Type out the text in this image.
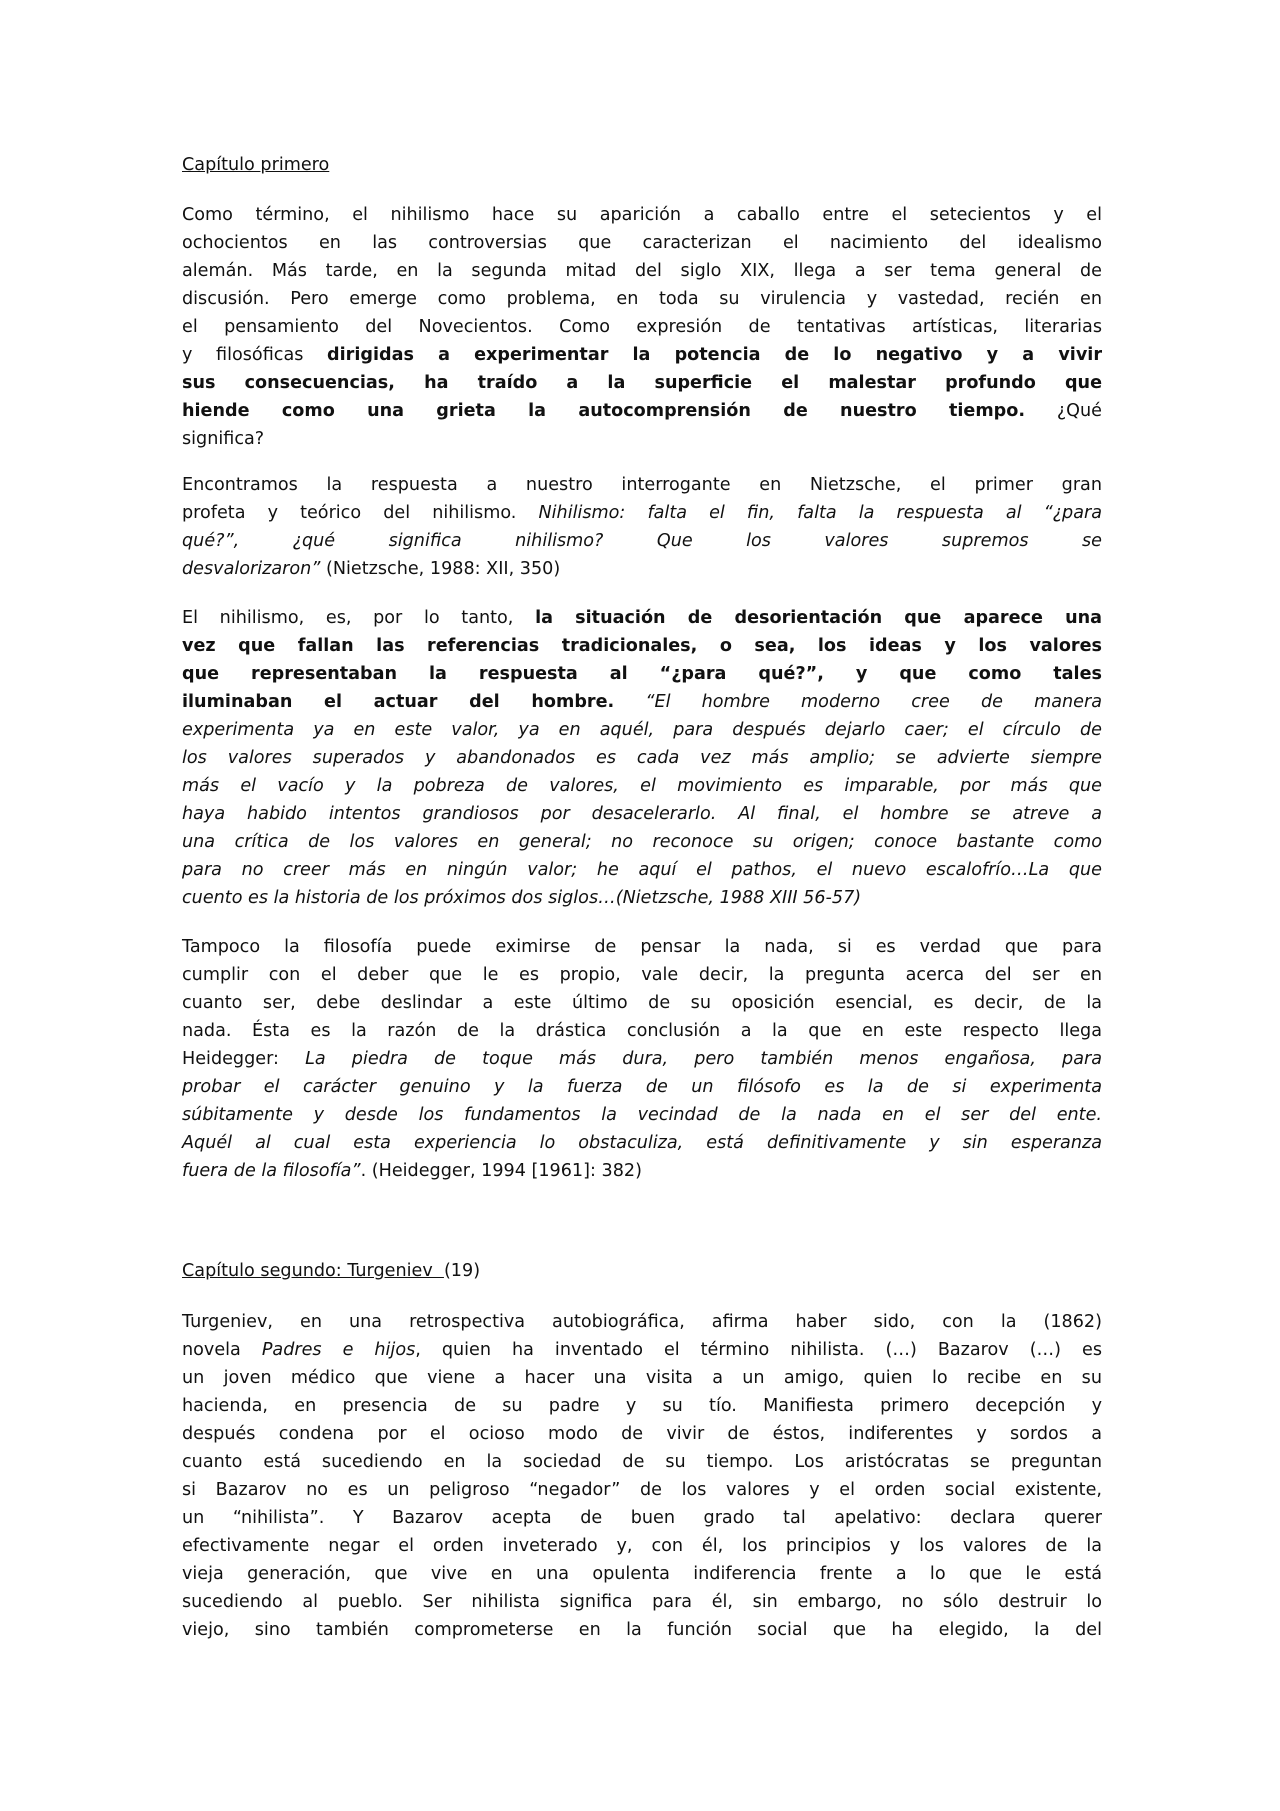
Capítulo primero
Como término, el nihilismo hace su aparición a caballo entre el setecientos y el
ochocientos en las controversias que caracterizan el nacimiento del idealismo
alemán. Más tarde, en la segunda mitad del siglo XIX, llega a ser tema general de
discusión. Pero emerge como problema, en toda su virulencia y vastedad, recién en
el pensamiento del Novecientos. Como expresión de tentativas artísticas, literarias
y filosóficas dirigidas a experimentar la potencia de lo negativo y a vivir
sus consecuencias, ha traído a la superficie el malestar profundo que
hiende como una grieta la autocomprensión de nuestro tiempo. ¿Qué
significa?
Encontramos la respuesta a nuestro interrogante en Nietzsche, el primer gran
profeta y teórico del nihilismo. Nihilismo: falta el fin, falta la respuesta al “¿para
qué?”, ¿qué significa nihilismo? Que los valores supremos se
desvalorizaron” (Nietzsche, 1988: XII, 350)
El nihilismo, es, por lo tanto, la situación de desorientación que aparece una
vez que fallan las referencias tradicionales, o sea, los ideas y los valores
que representaban la respuesta al “¿para qué?”, y que como tales
iluminaban el actuar del hombre. “El hombre moderno cree de manera
experimenta ya en este valor, ya en aquél, para después dejarlo caer; el círculo de
los valores superados y abandonados es cada vez más amplio; se advierte siempre
más el vacío y la pobreza de valores, el movimiento es imparable, por más que
haya habido intentos grandiosos por desacelerarlo. Al final, el hombre se atreve a
una crítica de los valores en general; no reconoce su origen; conoce bastante como
para no creer más en ningún valor; he aquí el pathos, el nuevo escalofrío…La que
cuento es la historia de los próximos dos siglos…(Nietzsche, 1988 XIII 56-57)
Tampoco la filosofía puede eximirse de pensar la nada, si es verdad que para
cumplir con el deber que le es propio, vale decir, la pregunta acerca del ser en
cuanto ser, debe deslindar a este último de su oposición esencial, es decir, de la
nada. Ésta es la razón de la drástica conclusión a la que en este respecto llega
Heidegger: La piedra de toque más dura, pero también menos engañosa, para
probar el carácter genuino y la fuerza de un filósofo es la de si experimenta
súbitamente y desde los fundamentos la vecindad de la nada en el ser del ente.
Aquél al cual esta experiencia lo obstaculiza, está definitivamente y sin esperanza
fuera de la filosofía”. (Heidegger, 1994 [1961]: 382)
Capítulo segundo: Turgeniev  (19)
Turgeniev, en una retrospectiva autobiográfica, afirma haber sido, con la (1862)
novela Padres e hijos, quien ha inventado el término nihilista. (…) Bazarov (…) es
un joven médico que viene a hacer una visita a un amigo, quien lo recibe en su
hacienda, en presencia de su padre y su tío. Manifiesta primero decepción y
después condena por el ocioso modo de vivir de éstos, indiferentes y sordos a
cuanto está sucediendo en la sociedad de su tiempo. Los aristócratas se preguntan
si Bazarov no es un peligroso “negador” de los valores y el orden social existente,
un “nihilista”. Y Bazarov acepta de buen grado tal apelativo: declara querer
efectivamente negar el orden inveterado y, con él, los principios y los valores de la
vieja generación, que vive en una opulenta indiferencia frente a lo que le está
sucediendo al pueblo. Ser nihilista significa para él, sin embargo, no sólo destruir lo
viejo, sino también comprometerse en la función social que ha elegido, la del
